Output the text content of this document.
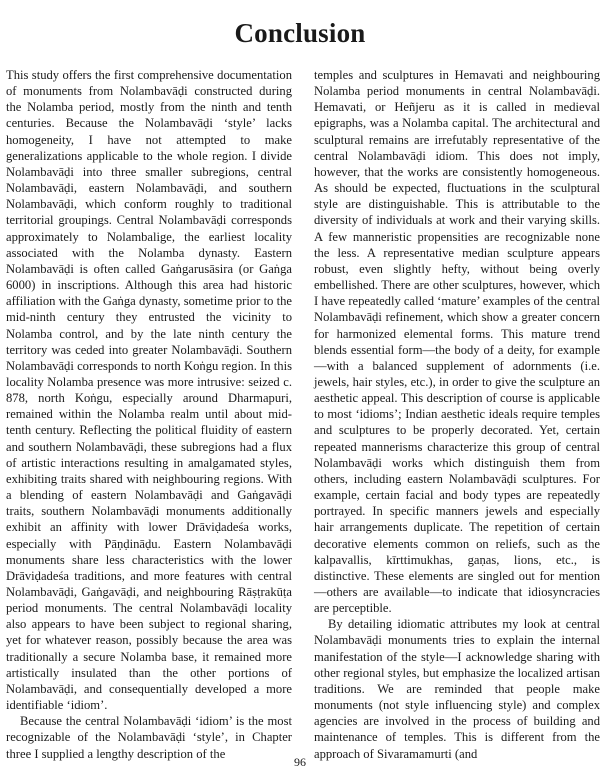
Conclusion

This study offers the first comprehensive documentation of monuments from Nolambavāḍi constructed during the Nolamba period, mostly from the ninth and tenth centuries. Because the Nolambavāḍi ‘style’ lacks homogeneity, I have not attempted to make generalizations applicable to the whole region. I divide Nolambavāḍi into three smaller subregions, central Nolambavāḍi, eastern Nolambavāḍi, and southern Nolambavāḍi, which conform roughly to traditional territorial groupings. Central Nolambavāḍi corresponds approximately to Nolambalige, the earliest locality associated with the Nolamba dynasty. Eastern Nolambavāḍi is often called Gaṅgarusāsira (or Gaṅga 6000) in inscriptions. Although this area had historic affiliation with the Gaṅga dynasty, sometime prior to the mid-ninth century they entrusted the vicinity to Nolamba control, and by the late ninth century the territory was ceded into greater Nolambavāḍi. Southern Nolambavāḍi corresponds to north Koṅgu region. In this locality Nolamba presence was more intrusive: seized c. 878, north Koṅgu, especially around Dharmapuri, remained within the Nolamba realm until about mid-tenth century. Reflecting the political fluidity of eastern and southern Nolambavāḍi, these subregions had a flux of artistic interactions resulting in amalgamated styles, exhibiting traits shared with neighbouring regions. With a blending of eastern Nolambavāḍi and Gaṅgavāḍi traits, southern Nolambavāḍi monuments additionally exhibit an affinity with lower Drāviḍadeśa works, especially with Pāṇḍināḍu. Eastern Nolambavāḍi monuments share less characteristics with the lower Drāviḍadeśa traditions, and more features with central Nolambavāḍi, Gaṅgavāḍi, and neighbouring Rāṣṭrakūṭa period monuments. The central Nolambavāḍi locality also appears to have been subject to regional sharing, yet for whatever reason, possibly because the area was traditionally a secure Nolamba base, it remained more artistically insulated than the other portions of Nolambavāḍi, and consequentially developed a more identifiable ‘idiom’.

Because the central Nolambavāḍi ‘idiom’ is the most recognizable of the Nolambavāḍi ‘style’, in Chapter three I supplied a lengthy description of the

temples and sculptures in Hemavati and neighbouring Nolamba period monuments in central Nolambavāḍi. Hemavati, or Heñjeru as it is called in medieval epigraphs, was a Nolamba capital. The architectural and sculptural remains are irrefutably representative of the central Nolambavāḍi idiom. This does not imply, however, that the works are consistently homogeneous. As should be expected, fluctuations in the sculptural style are distinguishable. This is attributable to the diversity of individuals at work and their varying skills. A few manneristic propensities are recognizable none the less. A representative median sculpture appears robust, even slightly hefty, without being overly embellished. There are other sculptures, however, which I have repeatedly called ‘mature’ examples of the central Nolambavāḍi refinement, which show a greater concern for harmonized elemental forms. This mature trend blends essential form—the body of a deity, for example—with a balanced supplement of adornments (i.e. jewels, hair styles, etc.), in order to give the sculpture an aesthetic appeal. This description of course is applicable to most ‘idioms’; Indian aesthetic ideals require temples and sculptures to be properly decorated. Yet, certain repeated mannerisms characterize this group of central Nolambavāḍi works which distinguish them from others, including eastern Nolambavāḍi sculptures. For example, certain facial and body types are repeatedly portrayed. In specific manners jewels and especially hair arrangements duplicate. The repetition of certain decorative elements common on reliefs, such as the kalpavallis, kīrttimukhas, gaṇas, lions, etc., is distinctive. These elements are singled out for mention—others are available—to indicate that idiosyncracies are perceptible.

By detailing idiomatic attributes my look at central Nolambavāḍi monuments tries to explain the internal manifestation of the style—I acknowledge sharing with other regional styles, but emphasize the localized artisan traditions. We are reminded that people make monuments (not style influencing style) and complex agencies are involved in the process of building and maintenance of temples. This is different from the approach of Sivaramamurti (and

96
